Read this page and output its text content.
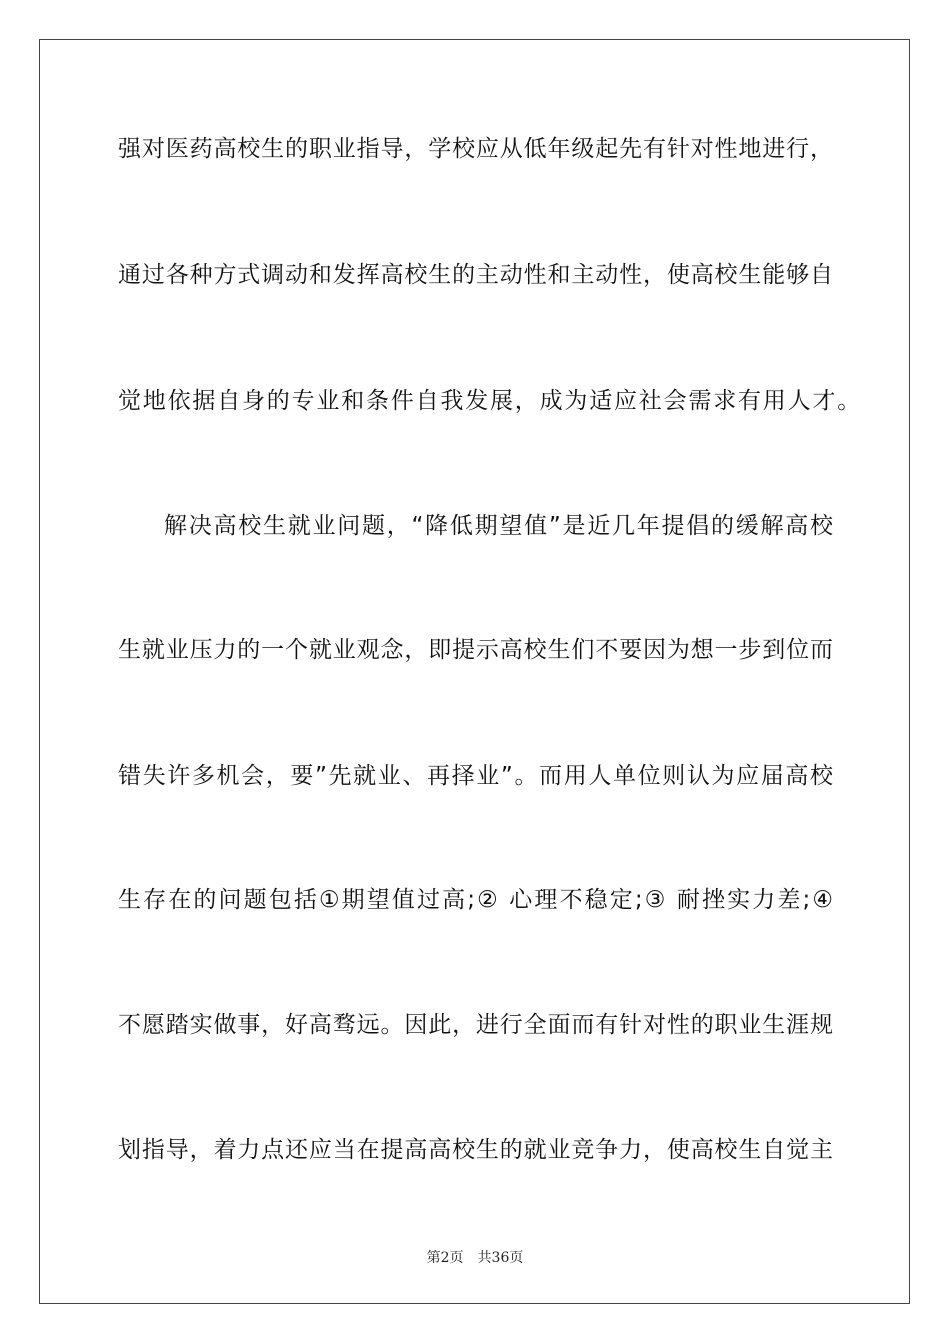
强对医药高校生的职业指导，学校应从低年级起先有针对性地进行，
通过各种方式调动和发挥高校生的主动性和主动性，使高校生能够自
觉地依据自身的专业和条件自我发展，成为适应社会需求有用人才。
解决高校生就业问题，“降低期望值”是近几年提倡的缓解高校
生就业压力的一个就业观念，即提示高校生们不要因为想一步到位而
错失许多机会，要”先就业、再择业”。而用人单位则认为应届高校
生存在的问题包括①期望值过高;② 心理不稳定;③ 耐挫实力差;④
不愿踏实做事，好高骛远。因此，进行全面而有针对性的职业生涯规
划指导，着力点还应当在提高高校生的就业竞争力，使高校生自觉主
第2页 共36页
